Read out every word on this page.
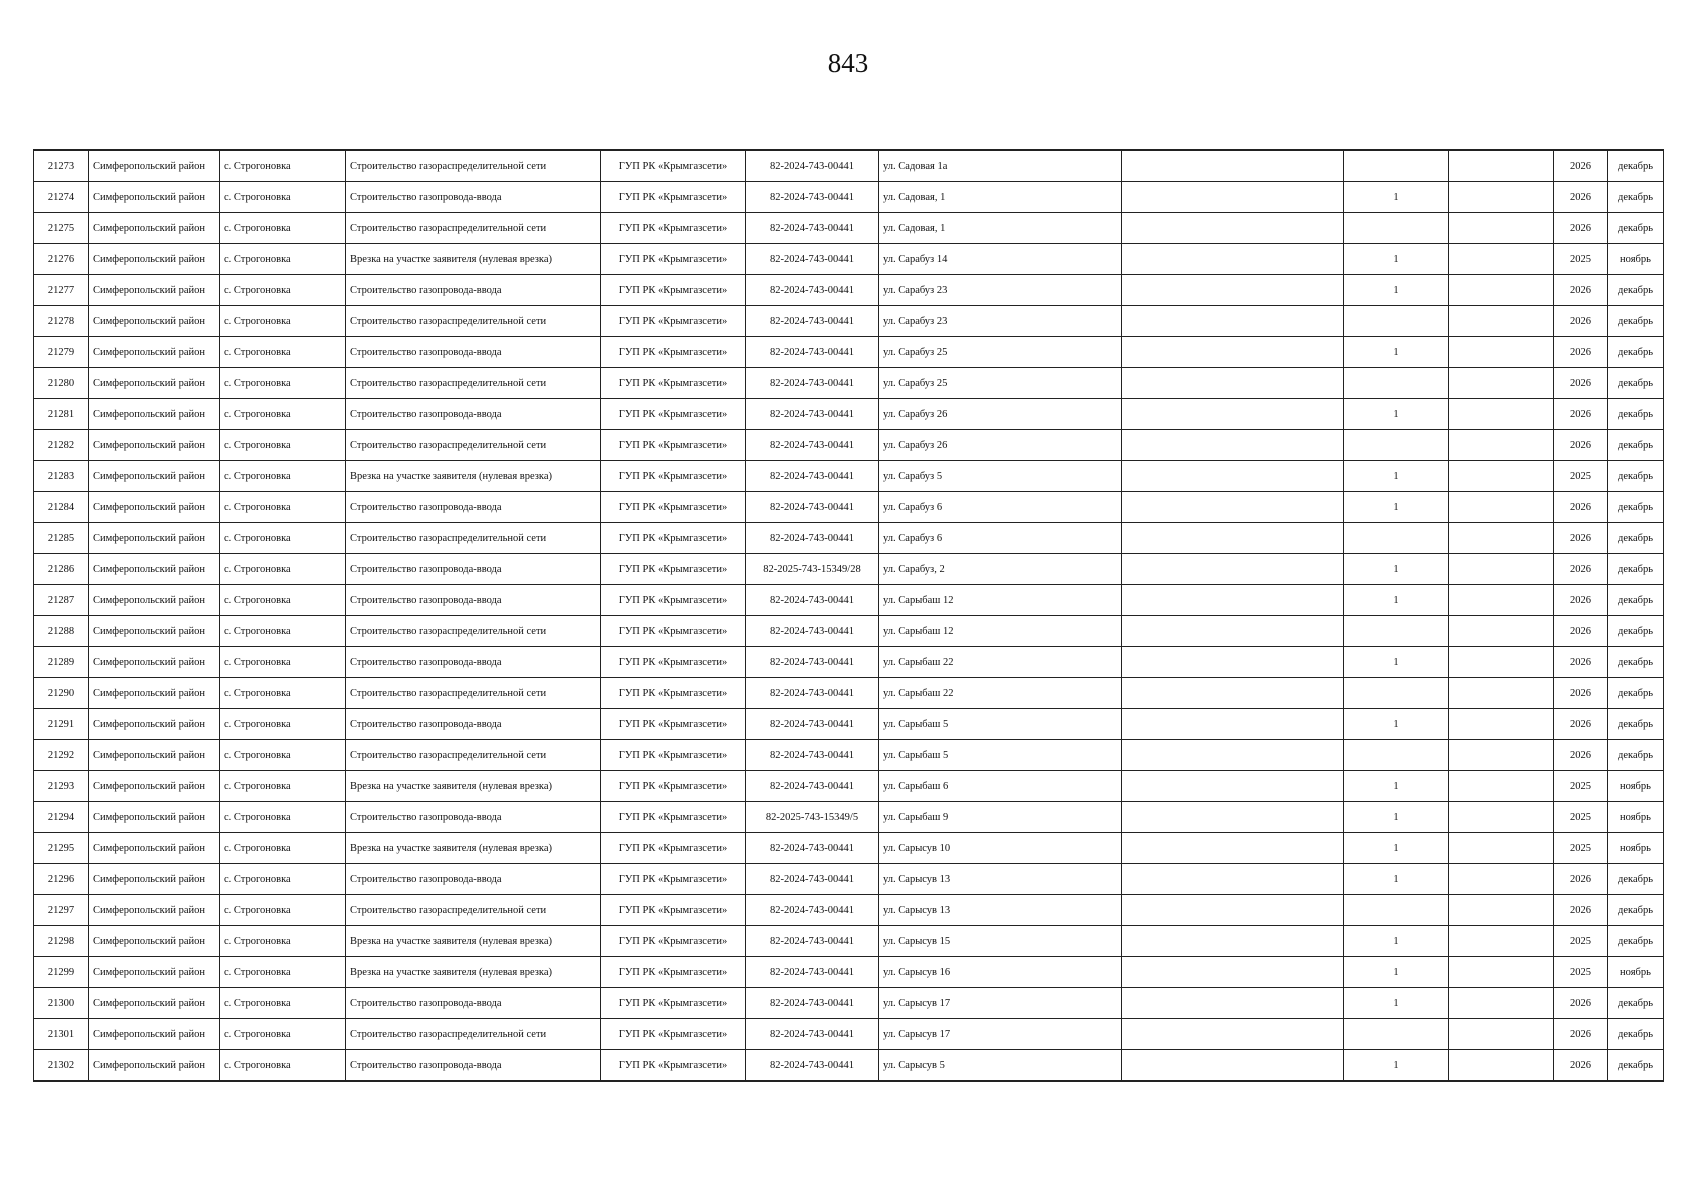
843
21273	Симферопольский район	с. Строгоновка	Строительство газораспределительной сети	ГУП РК «Крымгазсети»	82-2024-743-00441	ул. Садовая 1а				2026	декабрь
21274	Симферопольский район	с. Строгоновка	Строительство газопровода-ввода	ГУП РК «Крымгазсети»	82-2024-743-00441	ул. Садовая, 1		1		2026	декабрь
21275	Симферопольский район	с. Строгоновка	Строительство газораспределительной сети	ГУП РК «Крымгазсети»	82-2024-743-00441	ул. Садовая, 1				2026	декабрь
21276	Симферопольский район	с. Строгоновка	Врезка на участке заявителя (нулевая врезка)	ГУП РК «Крымгазсети»	82-2024-743-00441	ул. Сарабуз 14		1		2025	ноябрь
21277	Симферопольский район	с. Строгоновка	Строительство газопровода-ввода	ГУП РК «Крымгазсети»	82-2024-743-00441	ул. Сарабуз 23		1		2026	декабрь
21278	Симферопольский район	с. Строгоновка	Строительство газораспределительной сети	ГУП РК «Крымгазсети»	82-2024-743-00441	ул. Сарабуз 23				2026	декабрь
21279	Симферопольский район	с. Строгоновка	Строительство газопровода-ввода	ГУП РК «Крымгазсети»	82-2024-743-00441	ул. Сарабуз 25		1		2026	декабрь
21280	Симферопольский район	с. Строгоновка	Строительство газораспределительной сети	ГУП РК «Крымгазсети»	82-2024-743-00441	ул. Сарабуз 25				2026	декабрь
21281	Симферопольский район	с. Строгоновка	Строительство газопровода-ввода	ГУП РК «Крымгазсети»	82-2024-743-00441	ул. Сарабуз 26		1		2026	декабрь
21282	Симферопольский район	с. Строгоновка	Строительство газораспределительной сети	ГУП РК «Крымгазсети»	82-2024-743-00441	ул. Сарабуз 26				2026	декабрь
21283	Симферопольский район	с. Строгоновка	Врезка на участке заявителя (нулевая врезка)	ГУП РК «Крымгазсети»	82-2024-743-00441	ул. Сарабуз 5		1		2025	декабрь
21284	Симферопольский район	с. Строгоновка	Строительство газопровода-ввода	ГУП РК «Крымгазсети»	82-2024-743-00441	ул. Сарабуз 6		1		2026	декабрь
21285	Симферопольский район	с. Строгоновка	Строительство газораспределительной сети	ГУП РК «Крымгазсети»	82-2024-743-00441	ул. Сарабуз 6				2026	декабрь
21286	Симферопольский район	с. Строгоновка	Строительство газопровода-ввода	ГУП РК «Крымгазсети»	82-2025-743-15349/28	ул. Сарабуз, 2		1		2026	декабрь
21287	Симферопольский район	с. Строгоновка	Строительство газопровода-ввода	ГУП РК «Крымгазсети»	82-2024-743-00441	ул. Сарыбаш 12		1		2026	декабрь
21288	Симферопольский район	с. Строгоновка	Строительство газораспределительной сети	ГУП РК «Крымгазсети»	82-2024-743-00441	ул. Сарыбаш 12				2026	декабрь
21289	Симферопольский район	с. Строгоновка	Строительство газопровода-ввода	ГУП РК «Крымгазсети»	82-2024-743-00441	ул. Сарыбаш 22		1		2026	декабрь
21290	Симферопольский район	с. Строгоновка	Строительство газораспределительной сети	ГУП РК «Крымгазсети»	82-2024-743-00441	ул. Сарыбаш 22				2026	декабрь
21291	Симферопольский район	с. Строгоновка	Строительство газопровода-ввода	ГУП РК «Крымгазсети»	82-2024-743-00441	ул. Сарыбаш 5		1		2026	декабрь
21292	Симферопольский район	с. Строгоновка	Строительство газораспределительной сети	ГУП РК «Крымгазсети»	82-2024-743-00441	ул. Сарыбаш 5				2026	декабрь
21293	Симферопольский район	с. Строгоновка	Врезка на участке заявителя (нулевая врезка)	ГУП РК «Крымгазсети»	82-2024-743-00441	ул. Сарыбаш 6		1		2025	ноябрь
21294	Симферопольский район	с. Строгоновка	Строительство газопровода-ввода	ГУП РК «Крымгазсети»	82-2025-743-15349/5	ул. Сарыбаш 9		1		2025	ноябрь
21295	Симферопольский район	с. Строгоновка	Врезка на участке заявителя (нулевая врезка)	ГУП РК «Крымгазсети»	82-2024-743-00441	ул. Сарысув 10		1		2025	ноябрь
21296	Симферопольский район	с. Строгоновка	Строительство газопровода-ввода	ГУП РК «Крымгазсети»	82-2024-743-00441	ул. Сарысув 13		1		2026	декабрь
21297	Симферопольский район	с. Строгоновка	Строительство газораспределительной сети	ГУП РК «Крымгазсети»	82-2024-743-00441	ул. Сарысув 13				2026	декабрь
21298	Симферопольский район	с. Строгоновка	Врезка на участке заявителя (нулевая врезка)	ГУП РК «Крымгазсети»	82-2024-743-00441	ул. Сарысув 15		1		2025	декабрь
21299	Симферопольский район	с. Строгоновка	Врезка на участке заявителя (нулевая врезка)	ГУП РК «Крымгазсети»	82-2024-743-00441	ул. Сарысув 16		1		2025	ноябрь
21300	Симферопольский район	с. Строгоновка	Строительство газопровода-ввода	ГУП РК «Крымгазсети»	82-2024-743-00441	ул. Сарысув 17		1		2026	декабрь
21301	Симферопольский район	с. Строгоновка	Строительство газораспределительной сети	ГУП РК «Крымгазсети»	82-2024-743-00441	ул. Сарысув 17				2026	декабрь
21302	Симферопольский район	с. Строгоновка	Строительство газопровода-ввода	ГУП РК «Крымгазсети»	82-2024-743-00441	ул. Сарысув 5		1		2026	декабрь
